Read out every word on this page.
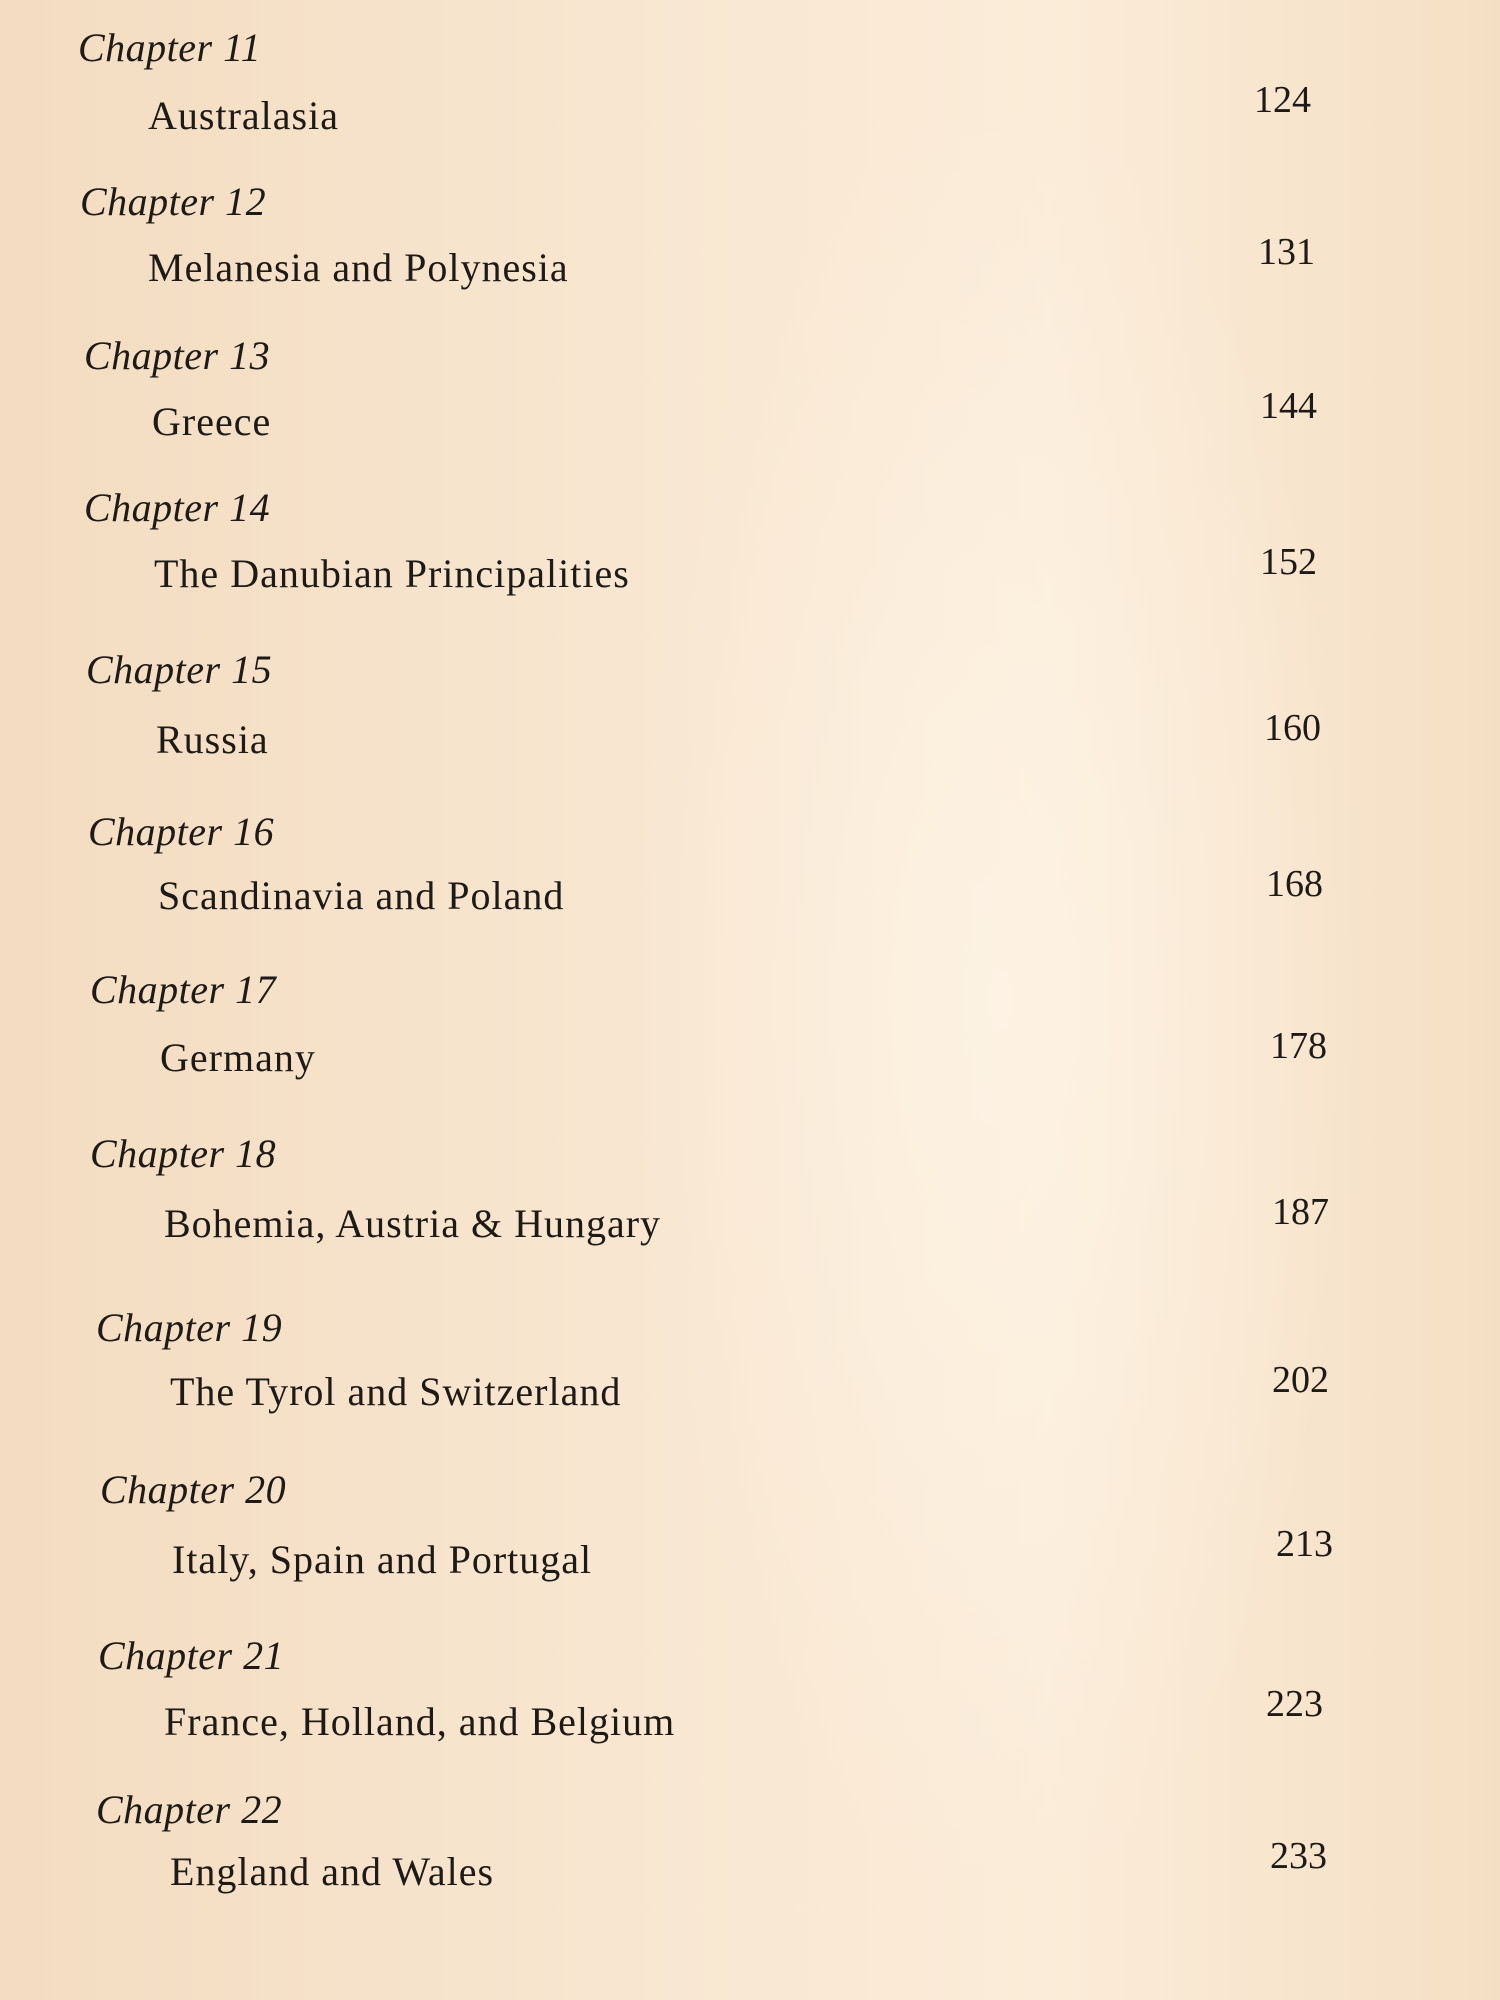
Chapter 11
Australasia	124
Chapter 12
Melanesia and Polynesia	131
Chapter 13
Greece	144
Chapter 14
The Danubian Principalities	152
Chapter 15
Russia	160
Chapter 16
Scandinavia and Poland	168
Chapter 17
Germany	178
Chapter 18
Bohemia, Austria & Hungary	187
Chapter 19
The Tyrol and Switzerland	202
Chapter 20
Italy, Spain and Portugal	213
Chapter 21
France, Holland, and Belgium	223
Chapter 22
England and Wales	233
